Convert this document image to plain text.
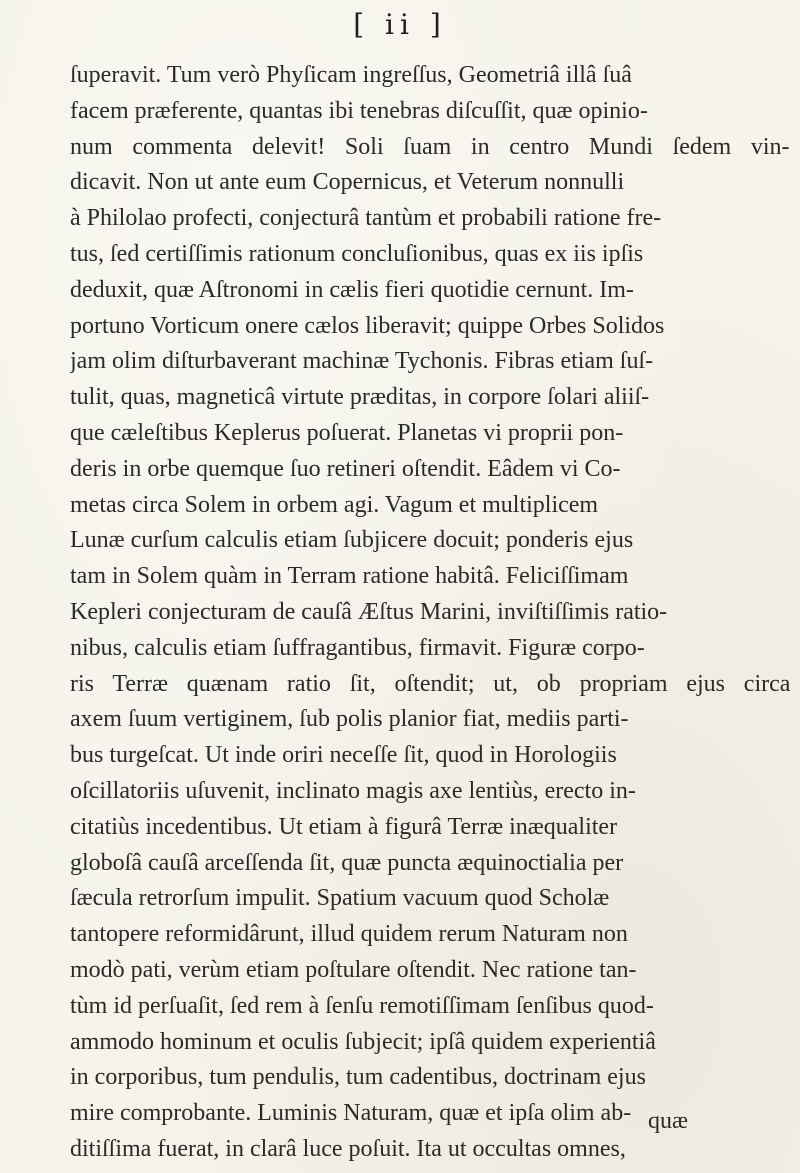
[ ii ]
ſuperavit. Tum verò Phyſicam ingreſſus, Geometriâ illâ ſuâ
facem præferente, quantas ibi tenebras diſcuſſit, quæ opinio-
num commenta delevit! Soli ſuam in centro Mundi ſedem vin-
dicavit. Non ut ante eum Copernicus, et Veterum nonnulli
à Philolao profecti, conjecturâ tantùm et probabili ratione fre-
tus, ſed certiſſimis rationum concluſionibus, quas ex iis ipſis
deduxit, quæ Aſtronomi in cælis fieri quotidie cernunt. Im-
portuno Vorticum onere cælos liberavit; quippe Orbes Solidos
jam olim diſturbaverant machinæ Tychonis. Fibras etiam ſuſ-
tulit, quas, magneticâ virtute præditas, in corpore ſolari aliiſ-
que cæleſtibus Keplerus poſuerat. Planetas vi proprii pon-
deris in orbe quemque ſuo retineri oſtendit. Eâdem vi Co-
metas circa Solem in orbem agi. Vagum et multiplicem
Lunæ curſum calculis etiam ſubjicere docuit; ponderis ejus
tam in Solem quàm in Terram ratione habitâ. Feliciſſimam
Kepleri conjecturam de cauſâ Æſtus Marini, inviſtiſſimis ratio-
nibus, calculis etiam ſuffragantibus, firmavit. Figuræ corpo-
ris Terræ quænam ratio ſit, oſtendit; ut, ob propriam ejus circa
axem ſuum vertiginem, ſub polis planior fiat, mediis parti-
bus turgeſcat. Ut inde oriri neceſſe ſit, quod in Horologiis
oſcillatoriis uſuvenit, inclinato magis axe lentiùs, erecto in-
citatiùs incedentibus. Ut etiam à figurâ Terræ inæqualiter
globoſâ cauſâ arceſſenda ſit, quæ puncta æquinoctialia per
ſæcula retrorſum impulit. Spatium vacuum quod Scholæ
tantopere reformidârunt, illud quidem rerum Naturam non
modò pati, verùm etiam poſtulare oſtendit. Nec ratione tan-
tùm id perſuaſit, ſed rem à ſenſu remotiſſimam ſenſibus quod-
ammodo hominum et oculis ſubjecit; ipſâ quidem experientiâ
in corporibus, tum pendulis, tum cadentibus, doctrinam ejus
mire comprobante. Luminis Naturam, quæ et ipſa olim ab-
ditiſſima fuerat, in clarâ luce poſuit. Ita ut occultas omnes,
quæ
